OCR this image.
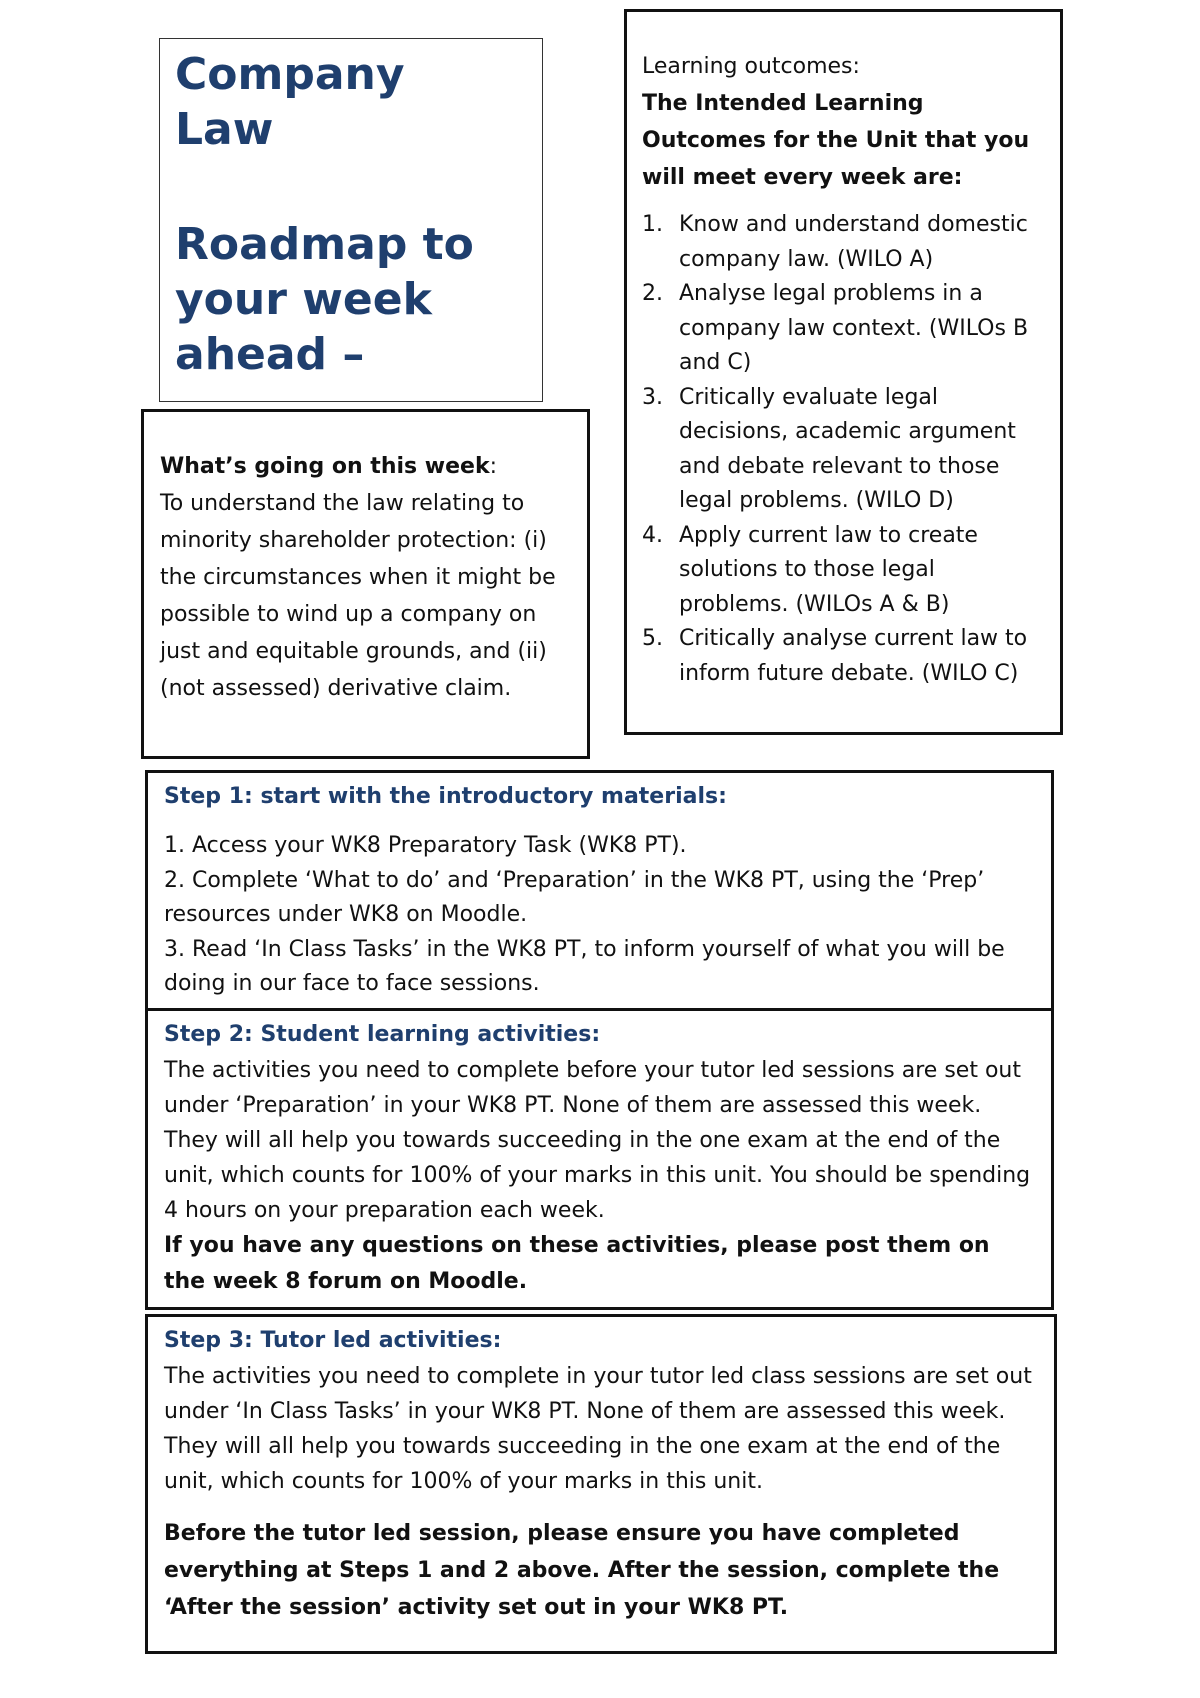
Company

Law

Roadmap to

your week

ahead –

Learning outcomes:

The Intended Learning Outcomes for the Unit that you will meet every week are:

1. Know and understand domestic company law. (WILO A)
2. Analyse legal problems in a company law context. (WILOs B and C)
3. Critically evaluate legal decisions, academic argument and debate relevant to those legal problems. (WILO D)
4. Apply current law to create solutions to those legal problems. (WILOs A & B)
5. Critically analyse current law to inform future debate. (WILO C)

What’s going on this week:

To understand the law relating to minority shareholder protection: (i) the circumstances when it might be possible to wind up a company on just and equitable grounds, and (ii) (not assessed) derivative claim.

Step 1: start with the introductory materials:

1. Access your WK8 Preparatory Task (WK8 PT).
2. Complete ‘What to do’ and ‘Preparation’ in the WK8 PT, using the ‘Prep’ resources under WK8 on Moodle.
3. Read ‘In Class Tasks’ in the WK8 PT, to inform yourself of what you will be doing in our face to face sessions.

Step 2: Student learning activities:

The activities you need to complete before your tutor led sessions are set out under ‘Preparation’ in your WK8 PT. None of them are assessed this week. They will all help you towards succeeding in the one exam at the end of the unit, which counts for 100% of your marks in this unit. You should be spending 4 hours on your preparation each week.

If you have any questions on these activities, please post them on the week 8 forum on Moodle.

Step 3: Tutor led activities:

The activities you need to complete in your tutor led class sessions are set out under ‘In Class Tasks’ in your WK8 PT. None of them are assessed this week. They will all help you towards succeeding in the one exam at the end of the unit, which counts for 100% of your marks in this unit.

Before the tutor led session, please ensure you have completed everything at Steps 1 and 2 above. After the session, complete the ‘After the session’ activity set out in your WK8 PT.
